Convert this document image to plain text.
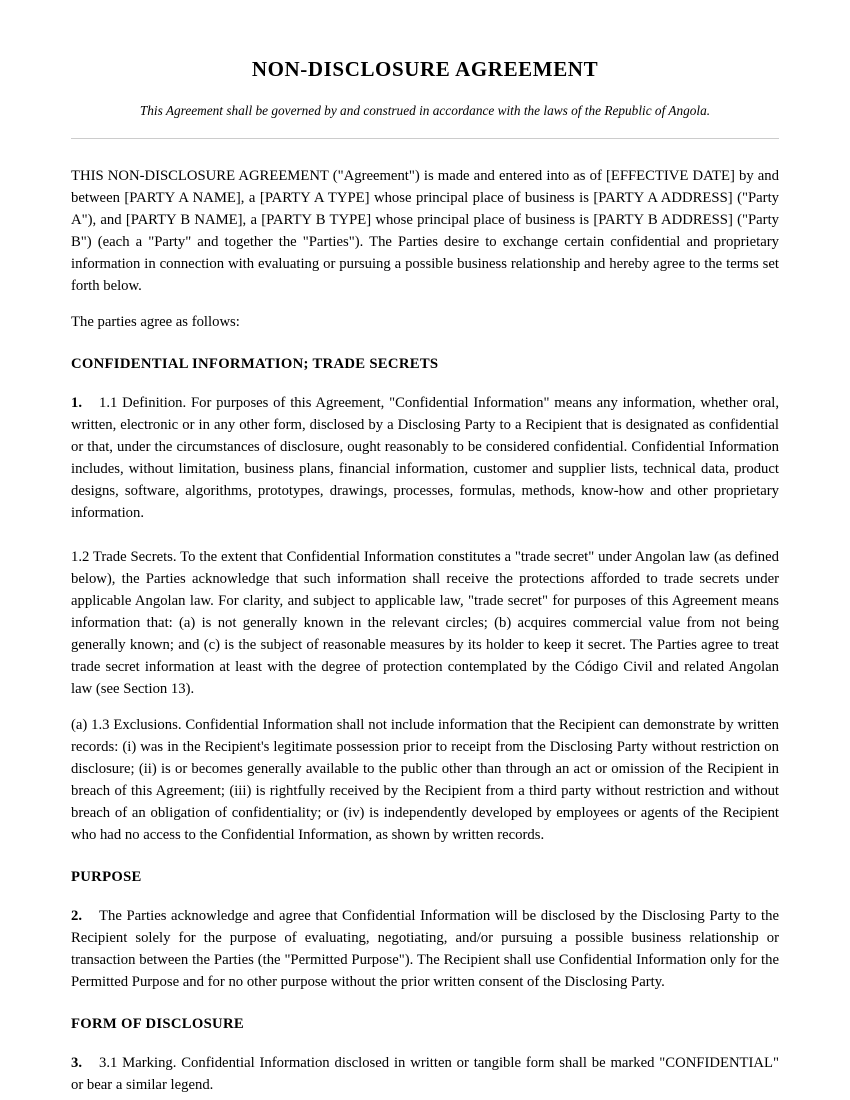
NON-DISCLOSURE AGREEMENT
This Agreement shall be governed by and construed in accordance with the laws of the Republic of Angola.

THIS NON-DISCLOSURE AGREEMENT ("Agreement") is made and entered into as of [EFFECTIVE DATE] by and between [PARTY A NAME], a [PARTY A TYPE] whose principal place of business is [PARTY A ADDRESS] ("Party A"), and [PARTY B NAME], a [PARTY B TYPE] whose principal place of business is [PARTY B ADDRESS] ("Party B") (each a "Party" and together the "Parties"). The Parties desire to exchange certain confidential and proprietary information in connection with evaluating or pursuing a possible business relationship and hereby agree to the terms set forth below.

The parties agree as follows:

CONFIDENTIAL INFORMATION; TRADE SECRETS

1. 1.1 Definition. For purposes of this Agreement, "Confidential Information" means any information, whether oral, written, electronic or in any other form, disclosed by a Disclosing Party to a Recipient that is designated as confidential or that, under the circumstances of disclosure, ought reasonably to be considered confidential. Confidential Information includes, without limitation, business plans, financial information, customer and supplier lists, technical data, product designs, software, algorithms, prototypes, drawings, processes, formulas, methods, know-how and other proprietary information.

1.2 Trade Secrets. To the extent that Confidential Information constitutes a "trade secret" under Angolan law (as defined below), the Parties acknowledge that such information shall receive the protections afforded to trade secrets under applicable Angolan law. For clarity, and subject to applicable law, "trade secret" for purposes of this Agreement means information that: (a) is not generally known in the relevant circles; (b) acquires commercial value from not being generally known; and (c) is the subject of reasonable measures by its holder to keep it secret. The Parties agree to treat trade secret information at least with the degree of protection contemplated by the Código Civil and related Angolan law (see Section 13).

(a) 1.3 Exclusions. Confidential Information shall not include information that the Recipient can demonstrate by written records: (i) was in the Recipient's legitimate possession prior to receipt from the Disclosing Party without restriction on disclosure; (ii) is or becomes generally available to the public other than through an act or omission of the Recipient in breach of this Agreement; (iii) is rightfully received by the Recipient from a third party without restriction and without breach of an obligation of confidentiality; or (iv) is independently developed by employees or agents of the Recipient who had no access to the Confidential Information, as shown by written records.

PURPOSE

2. The Parties acknowledge and agree that Confidential Information will be disclosed by the Disclosing Party to the Recipient solely for the purpose of evaluating, negotiating, and/or pursuing a possible business relationship or transaction between the Parties (the "Permitted Purpose"). The Recipient shall use Confidential Information only for the Permitted Purpose and for no other purpose without the prior written consent of the Disclosing Party.

FORM OF DISCLOSURE

3. 3.1 Marking. Confidential Information disclosed in written or tangible form shall be marked "CONFIDENTIAL" or bear a similar legend.
